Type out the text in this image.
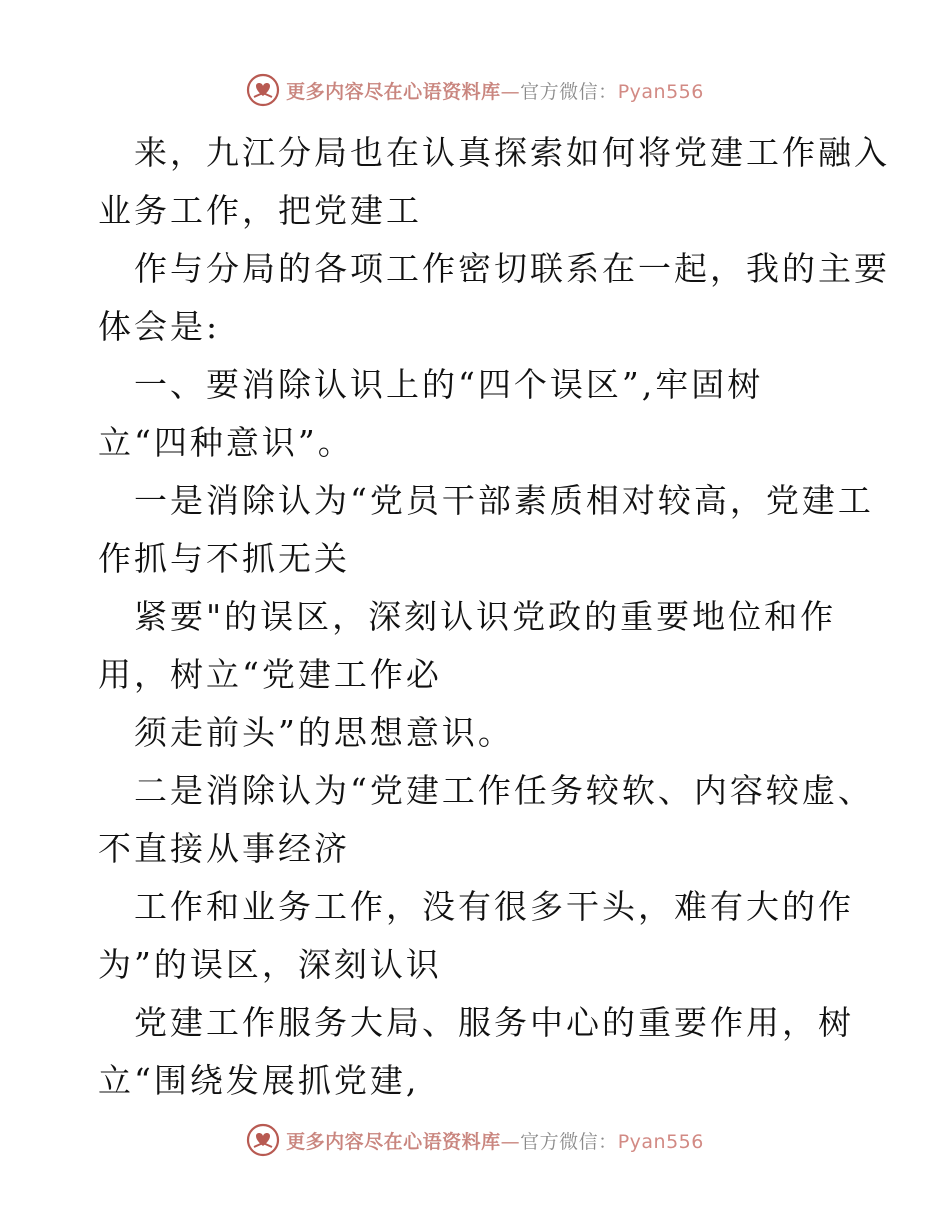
更多内容尽在心语资料库—官方微信：Pyan556
来，九江分局也在认真探索如何将党建工作融入
业务工作，把党建工
作与分局的各项工作密切联系在一起，我的主要
体会是:
一、要消除认识上的“四个误区”,牢固树
立“四种意识”。
一是消除认为“党员干部素质相对较高，党建工
作抓与不抓无关
紧要"的误区，深刻认识党政的重要地位和作
用，树立“党建工作必
须走前头”的思想意识。
二是消除认为“党建工作任务较软、内容较虚、
不直接从事经济
工作和业务工作，没有很多干头，难有大的作
为”的误区，深刻认识
党建工作服务大局、服务中心的重要作用，树
立“围绕发展抓党建,
更多内容尽在心语资料库—官方微信：Pyan556
